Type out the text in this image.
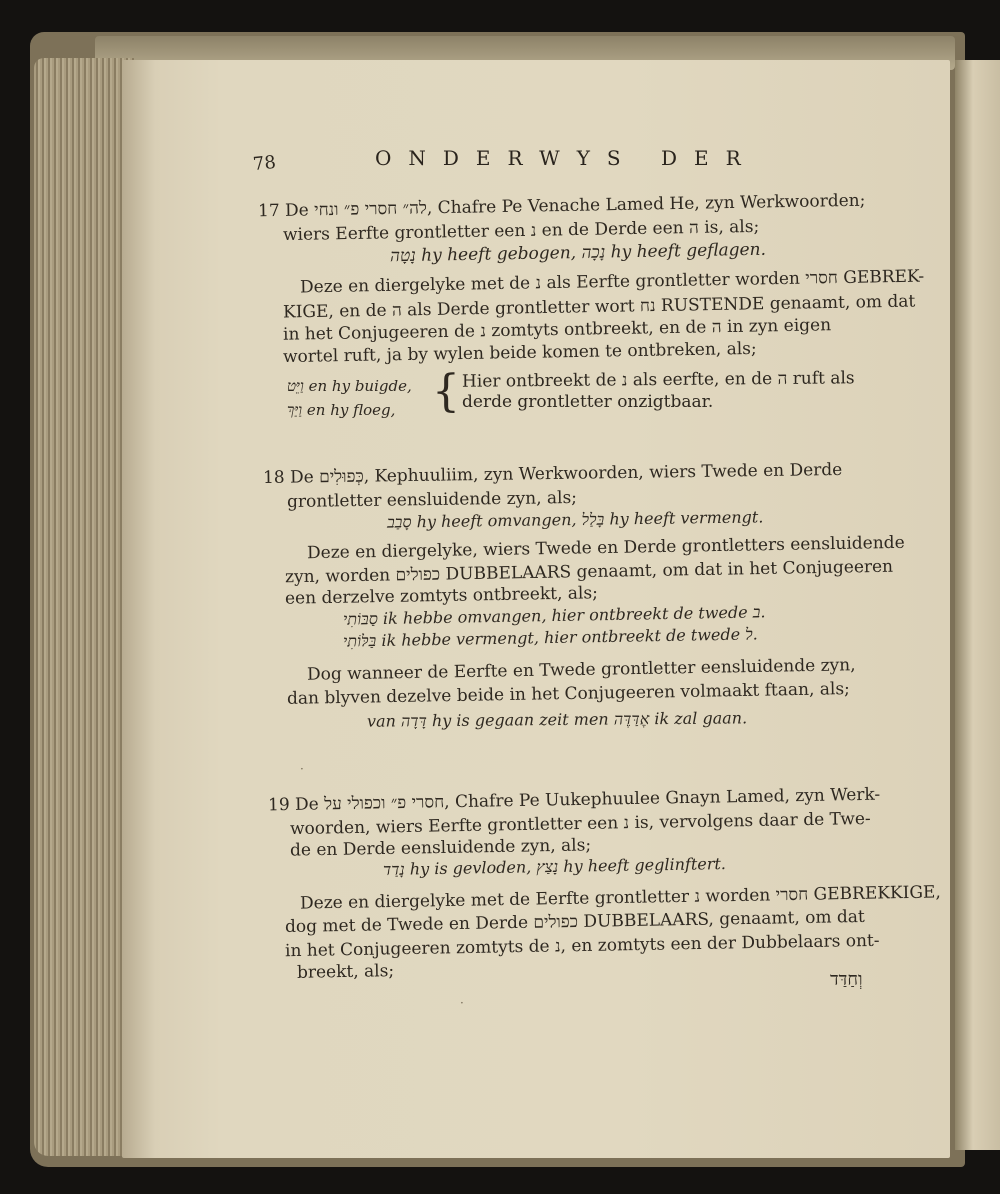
78	ONDERWYS DER
17 De לה״ חסרי פ״ ונחי, Chafre Pe Venache Lamed He, zyn Werkwoorden;
wiers Eerfte grontletter een נ en de Derde een ה is, als;
נָטָה hy heeft gebogen, נָכָה hy heeft geflagen.
Deze en diergelyke met de נ als Eerfte grontletter worden חסרי GEBREK-
KIGE, en de ה als Derde grontletter wort נח RUSTENDE genaamt, om dat
in het Conjugeeren de נ zomtyts ontbreekt, en de ה in zyn eigen
wortel ruft, ja by wylen beide komen te ontbreken, als;
וַיֵּט en hy buigde,
וַיַּךְ en hy floeg, { Hier ontbreekt de נ als eerfte, en de ה ruft als
derde grontletter onzigtbaar.
18 De כְּפוּלִים, Kephuuliim, zyn Werkwoorden, wiers Twede en Derde
grontletter eensluidende zyn, als;
סָבַב hy heeft omvangen, בָּלַל hy heeft vermengt.
Deze en diergelyke, wiers Twede en Derde grontletters eensluidende
zyn, worden כפולים DUBBELAARS genaamt, om dat in het Conjugeeren
een derzelve zomtyts ontbreekt, als;
סַבּוֹתִי ik hebbe omvangen, hier ontbreekt de twede ב.
בַּלּוֹתִי ik hebbe vermengt, hier ontbreekt de twede ל.
Dog wanneer de Eerfte en Twede grontletter eensluidende zyn,
dan blyven dezelve beide in het Conjugeeren volmaakt ftaan, als;
van דָּדָה hy is gegaan zeit men אֶדַּדֶּה ik zal gaan.
·
19 De חסרי פ״ וכפולי על, Chafre Pe Uukephuulee Gnayn Lamed, zyn Werk-
woorden, wiers Eerfte grontletter een נ is, vervolgens daar de Twe-
de en Derde eensluidende zyn, als;
נָדַד hy is gevloden, נָצַץ hy heeft geglinftert.
Deze en diergelyke met de Eerfte grontletter נ worden חסרי GEBREKKIGE,
dog met de Twede en Derde כפולים DUBBELAARS, genaamt, om dat
in het Conjugeeren zomtyts de נ, en zomtyts een der Dubbelaars ont-
breekt, als;	וְחַדַּד
·
